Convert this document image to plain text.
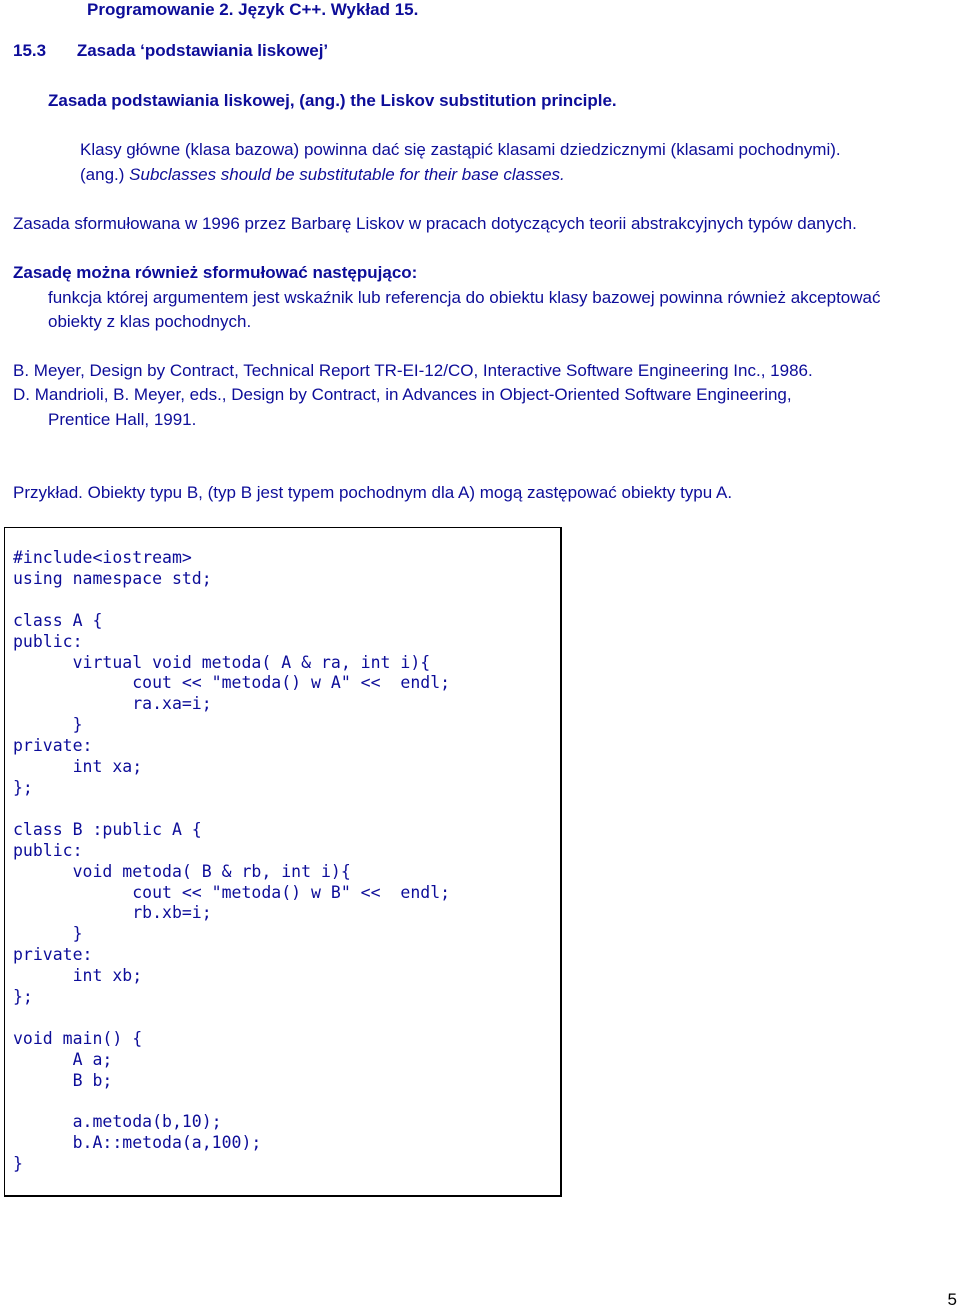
Programowanie 2. Język C++. Wykład 15.
15.3 Zasada ‘podstawiania liskowej’
Zasada podstawiania liskowej, (ang.) the Liskov substitution principle.
Klasy główne (klasa bazowa) powinna dać się zastąpić klasami dziedzicznymi (klasami pochodnymi).
(ang.) Subclasses should be substitutable for their base classes.
Zasada sformułowana w 1996 przez Barbarę Liskov w pracach dotyczących teorii abstrakcyjnych typów danych.
Zasadę można również sformułować następująco:
funkcja której argumentem jest wskaźnik lub referencja do obiektu klasy bazowej powinna również akceptować
obiekty z klas pochodnych.
B. Meyer, Design by Contract, Technical Report TR-EI-12/CO, Interactive Software Engineering Inc., 1986.
D. Mandrioli, B. Meyer, eds., Design by Contract, in Advances in Object-Oriented Software Engineering,
Prentice Hall, 1991.
Przykład. Obiekty typu B, (typ B jest typem pochodnym dla A) mogą zastępować obiekty typu A.
#include<iostream>
using namespace std;

class A {
public:
virtual void metoda( A & ra, int i){
cout << "metoda() w A" <<  endl;
ra.xa=i;
}
private:
int xa;
};

class B :public A {
public:
void metoda( B & rb, int i){
cout << "metoda() w B" <<  endl;
rb.xb=i;
}
private:
int xb;
};

void main() {
A a;
B b;

a.metoda(b,10);
b.A::metoda(a,100);
}
5
